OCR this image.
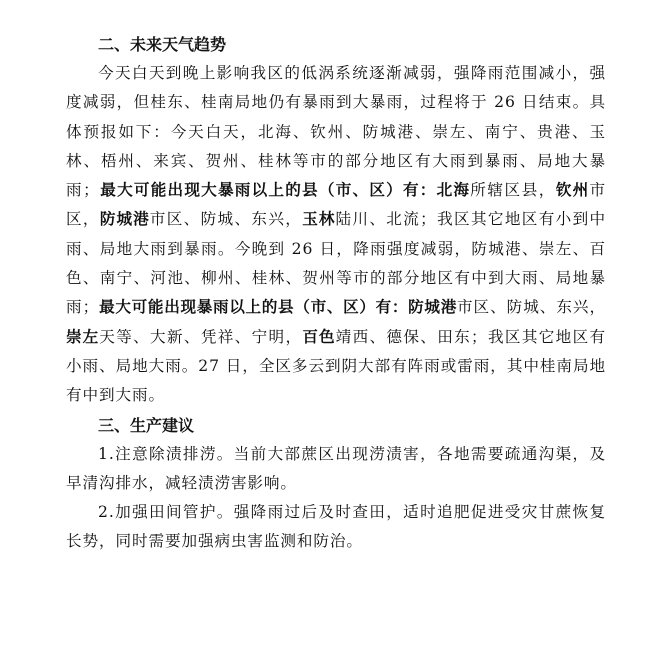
二、未来天气趋势

今天白天到晚上影响我区的低涡系统逐渐减弱，强降雨范围减小，强度减弱，但桂东、桂南局地仍有暴雨到大暴雨，过程将于 26 日结束。具体预报如下：今天白天，北海、钦州、防城港、崇左、南宁、贵港、玉林、梧州、来宾、贺州、桂林等市的部分地区有大雨到暴雨、局地大暴雨；最大可能出现大暴雨以上的县（市、区）有：北海所辖区县，钦州市区，防城港市区、防城、东兴，玉林陆川、北流；我区其它地区有小到中雨、局地大雨到暴雨。今晚到 26 日，降雨强度减弱，防城港、崇左、百色、南宁、河池、柳州、桂林、贺州等市的部分地区有中到大雨、局地暴雨；最大可能出现暴雨以上的县（市、区）有：防城港市区、防城、东兴，崇左天等、大新、凭祥、宁明，百色靖西、德保、田东；我区其它地区有小雨、局地大雨。27 日，全区多云到阴大部有阵雨或雷雨，其中桂南局地有中到大雨。

三、生产建议

1.注意除渍排涝。当前大部蔗区出现涝渍害，各地需要疏通沟渠，及早清沟排水，减轻渍涝害影响。

2.加强田间管护。强降雨过后及时查田，适时追肥促进受灾甘蔗恢复长势，同时需要加强病虫害监测和防治。
